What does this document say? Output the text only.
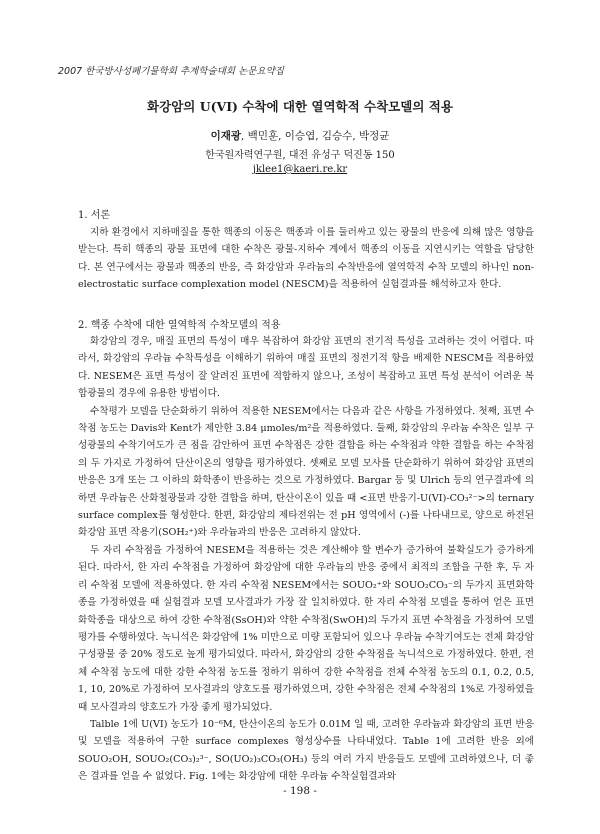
2007 한국방사성폐기물학회 추계학술대회 논문요약집
화강암의 U(VI) 수착에 대한 열역학적 수착모델의 적용
이재광, 백민훈, 이승엽, 김승수, 박정균
한국원자력연구원, 대전 유성구 덕진동 150
jklee1@kaeri.re.kr
1. 서론

지하 환경에서 지하매질을 통한 핵종의 이동은 핵종과 이를 둘러싸고 있는 광물의 반응에 의해 많은 영향을 받는다. 특히 핵종의 광물 표면에 대한 수착은 광물-지하수 계에서 핵종의 이동을 지연시키는 역할을 담당한다. 본 연구에서는 광물과 핵종의 반응, 즉 화강암과 우라늄의 수착반응에 열역학적 수착 모델의 하나인 non-electrostatic surface complexation model (NESCM)을 적용하여 실험결과를 해석하고자 한다.

2. 핵종 수착에 대한 열역학적 수착모델의 적용

화강암의 경우, 매질 표면의 특성이 매우 복잡하여 화강암 표면의 전기적 특성을 고려하는 것이 어렵다. 따라서, 화강암의 우라늄 수착특성을 이해하기 위하여 매질 표면의 정전기적 항을 배제한 NESCM을 적용하였다. NESEM은 표면 특성이 잘 알려진 표면에 적합하지 않으나, 조성이 복잡하고 표면 특성 분석이 어려운 복합광물의 경우에 유용한 방법이다.

수착평가 모델을 단순화하기 위하여 적용한 NESEM에서는 다음과 같은 사항을 가정하였다. 첫째, 표면 수착점 농도는 Davis와 Kent가 제안한 3.84 μmoles/m²을 적용하였다. 둘째, 화강암의 우라늄 수착은 일부 구성광물의 수착기여도가 큰 점을 감안하여 표면 수착점은 강한 결합을 하는 수착점과 약한 결합을 하는 수착점의 두 가지로 가정하여 단산이온의 영향을 평가하였다. 셋째로 모델 모사를 단순화하기 위하여 화강암 표면의 반응은 3개 또는 그 이하의 화학종이 반응하는 것으로 가정하였다. Bargar 등 및 Ulrich 등의 연구결과에 의하면 우라늄은 산화철광물과 강한 결합을 하며, 탄산이온이 있을 때 <표면 반응기-U(VI)-CO₃²⁻>의 ternary surface complex를 형성한다. 한편, 화강암의 제타전위는 전 pH 영역에서 (-)를 나타내므로, 양으로 하전된 화강암 표면 작용기(SOH₂⁺)와 우라늄과의 반응은 고려하지 않았다.

두 자리 수착점을 가정하여 NESEM을 적용하는 것은 계산해야 할 변수가 증가하여 불확실도가 증가하게 된다. 따라서, 한 자리 수착점을 가정하여 화강암에 대한 우라늄의 반응 중에서 최적의 조합을 구한 후, 두 자리 수착점 모델에 적용하였다. 한 자리 수착점 NESEM에서는 SOUO₂⁺와 SOUO₂CO₃⁻의 두가지 표면화학종을 가정하였을 때 실험결과 모델 모사결과가 가장 잘 일치하였다. 한 자리 수착점 모델을 통하여 얻은 표면화학종을 대상으로 하여 강한 수착점(SsOH)와 약한 수착점(SwOH)의 두가지 표면 수착점을 가정하여 모델 평가를 수행하였다. 녹니석은 화강암에 1% 미만으로 미량 포함되어 있으나 우라늄 수착기여도는 전체 화강암 구성광물 중 20% 정도로 높게 평가되었다. 따라서, 화강암의 강한 수착점을 녹니석으로 가정하였다. 한편, 전체 수착점 농도에 대한 강한 수착점 농도를 정하기 위하여 강한 수착점을 전체 수착점 농도의 0.1, 0.2, 0.5, 1, 10, 20%로 가정하여 모사결과의 양호도를 평가하였으며, 강한 수착점은 전체 수착점의 1%로 가정하였을 때 모사결과의 양호도가 가장 좋게 평가되었다.

Talble 1에 U(VI) 농도가 10⁻⁶M, 탄산이온의 농도가 0.01M 일 때, 고려한 우라늄과 화강암의 표면 반응 및 모델을 적용하여 구한 surface complexes 형성상수를 나타내었다. Table 1에 고려한 반응 외에 SOUO₂OH, SOUO₂(CO₃)₂³⁻, SO(UO₂)₃CO₃(OH₃) 등의 여러 가지 반응들도 모델에 고려하였으나, 더 좋은 결과를 얻을 수 없었다. Fig. 1에는 화강암에 대한 우라늄 수착실험결과와

- 198 -
